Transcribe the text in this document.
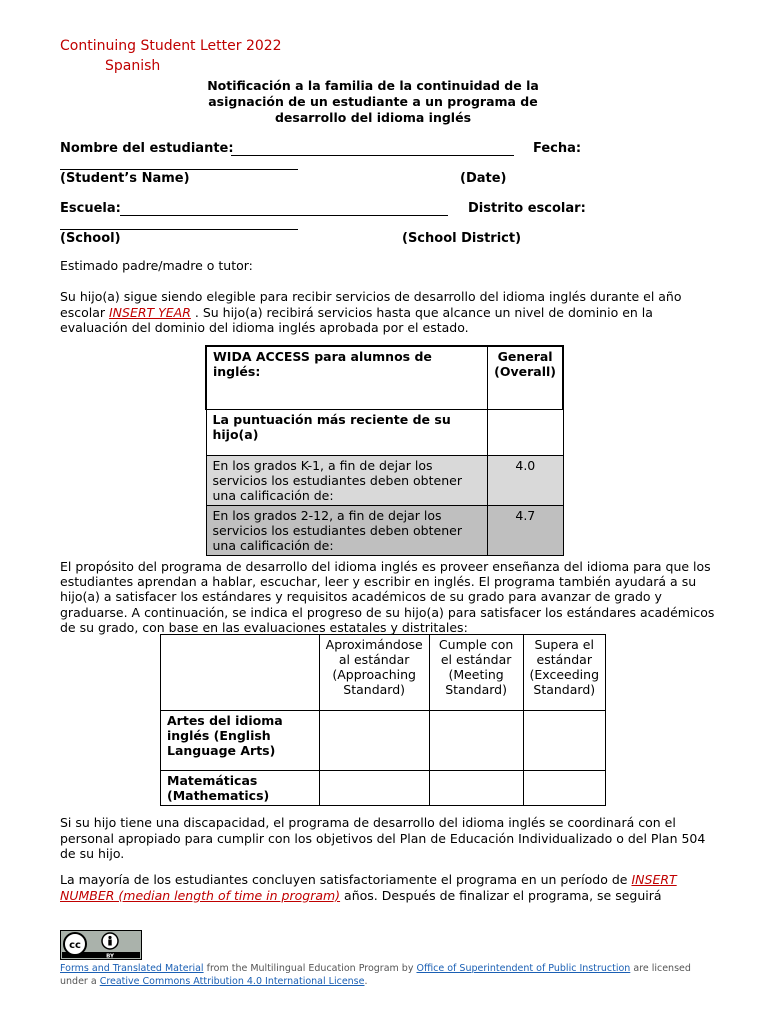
Continuing Student Letter 2022
Spanish
Notificación a la familia de la continuidad de la asignación de un estudiante a un programa de desarrollo del idioma inglés
Nombre del estudiante:	Fecha:
(Student’s Name)	(Date)
Escuela:	Distrito escolar:
(School)	(School District)
Estimado padre/madre o tutor:
Su hijo(a) sigue siendo elegible para recibir servicios de desarrollo del idioma inglés durante el año escolar INSERT YEAR . Su hijo(a) recibirá servicios hasta que alcance un nivel de dominio en la evaluación del dominio del idioma inglés aprobada por el estado.
WIDA ACCESS para alumnos de inglés:	General (Overall)
La puntuación más reciente de su hijo(a)	
En los grados K-1, a fin de dejar los servicios los estudiantes deben obtener una calificación de:	4.0
En los grados 2-12, a fin de dejar los servicios los estudiantes deben obtener una calificación de:	4.7
El propósito del programa de desarrollo del idioma inglés es proveer enseñanza del idioma para que los estudiantes aprendan a hablar, escuchar, leer y escribir en inglés. El programa también ayudará a su hijo(a) a satisfacer los estándares y requisitos académicos de su grado para avanzar de grado y graduarse. A continuación, se indica el progreso de su hijo(a) para satisfacer los estándares académicos de su grado, con base en las evaluaciones estatales y distritales:
	Aproximándose al estándar (Approaching Standard)	Cumple con el estándar (Meeting Standard)	Supera el estándar (Exceeding Standard)
Artes del idioma inglés (English Language Arts)			
Matemáticas (Mathematics)			
Si su hijo tiene una discapacidad, el programa de desarrollo del idioma inglés se coordinará con el personal apropiado para cumplir con los objetivos del Plan de Educación Individualizado o del Plan 504 de su hijo.
La mayoría de los estudiantes concluyen satisfactoriamente el programa en un período de INSERT NUMBER (median length of time in program) años. Después de finalizar el programa, se seguirá
cc
BY
Forms and Translated Material from the Multilingual Education Program by Office of Superintendent of Public Instruction are licensed under a Creative Commons Attribution 4.0 International License.
